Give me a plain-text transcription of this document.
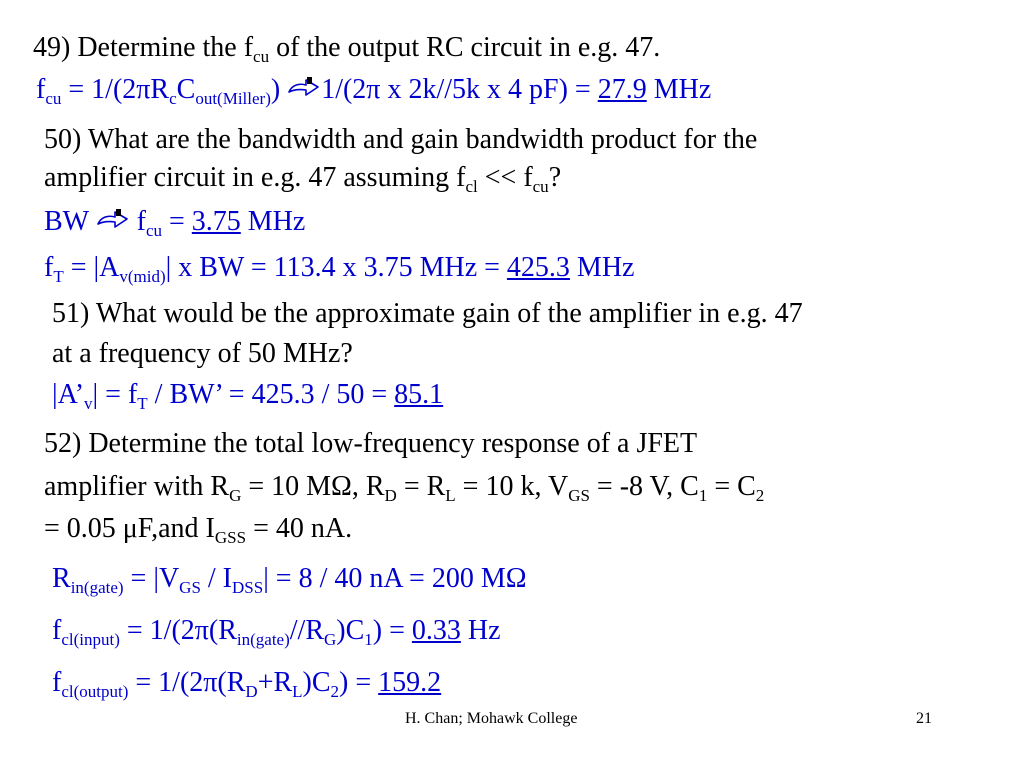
49) Determine the $f_{cu}$ of the output RC circuit in e.g. 47.
$f_{cu} = 1/(2\pi R_cC_{out(Miller)})$ 1/(2π x 2k//5k x 4 pF) = 27.9 MHz
50) What are the bandwidth and gain bandwidth product for the
amplifier circuit in e.g. 47 assuming $f_{cl} << f_{cu}$?
BW  $f_{cu} = 3.75$ MHz
$f_T = |A_{v(mid)}|$ x BW = 113.4 x 3.75 MHz = 425.3 MHz
51) What would be the approximate gain of the amplifier in e.g. 47
at a frequency of 50 MHz?
$|A’_v| = f_T$ / BW’ = 425.3 / 50 = 85.1
52) Determine the total low-frequency response of a JFET
amplifier with $R_G = 10$ MΩ, $R_D = R_L = 10$ k, $V_{GS} = -8$ V, $C_1 = C_2$
= 0.05 μF,and $I_{GSS} = 40$ nA.
$R_{in(gate)} = |V_{GS} / I_{DSS}| = 8 / 40$ nA = 200 MΩ
$f_{cl(input)} = 1/(2\pi(R_{in(gate)}//R_G)C_1) = 0.33$ Hz
$f_{cl(output)} = 1/(2\pi(R_D+R_L)C_2) = 159.2$
H. Chan; Mohawk College	21
